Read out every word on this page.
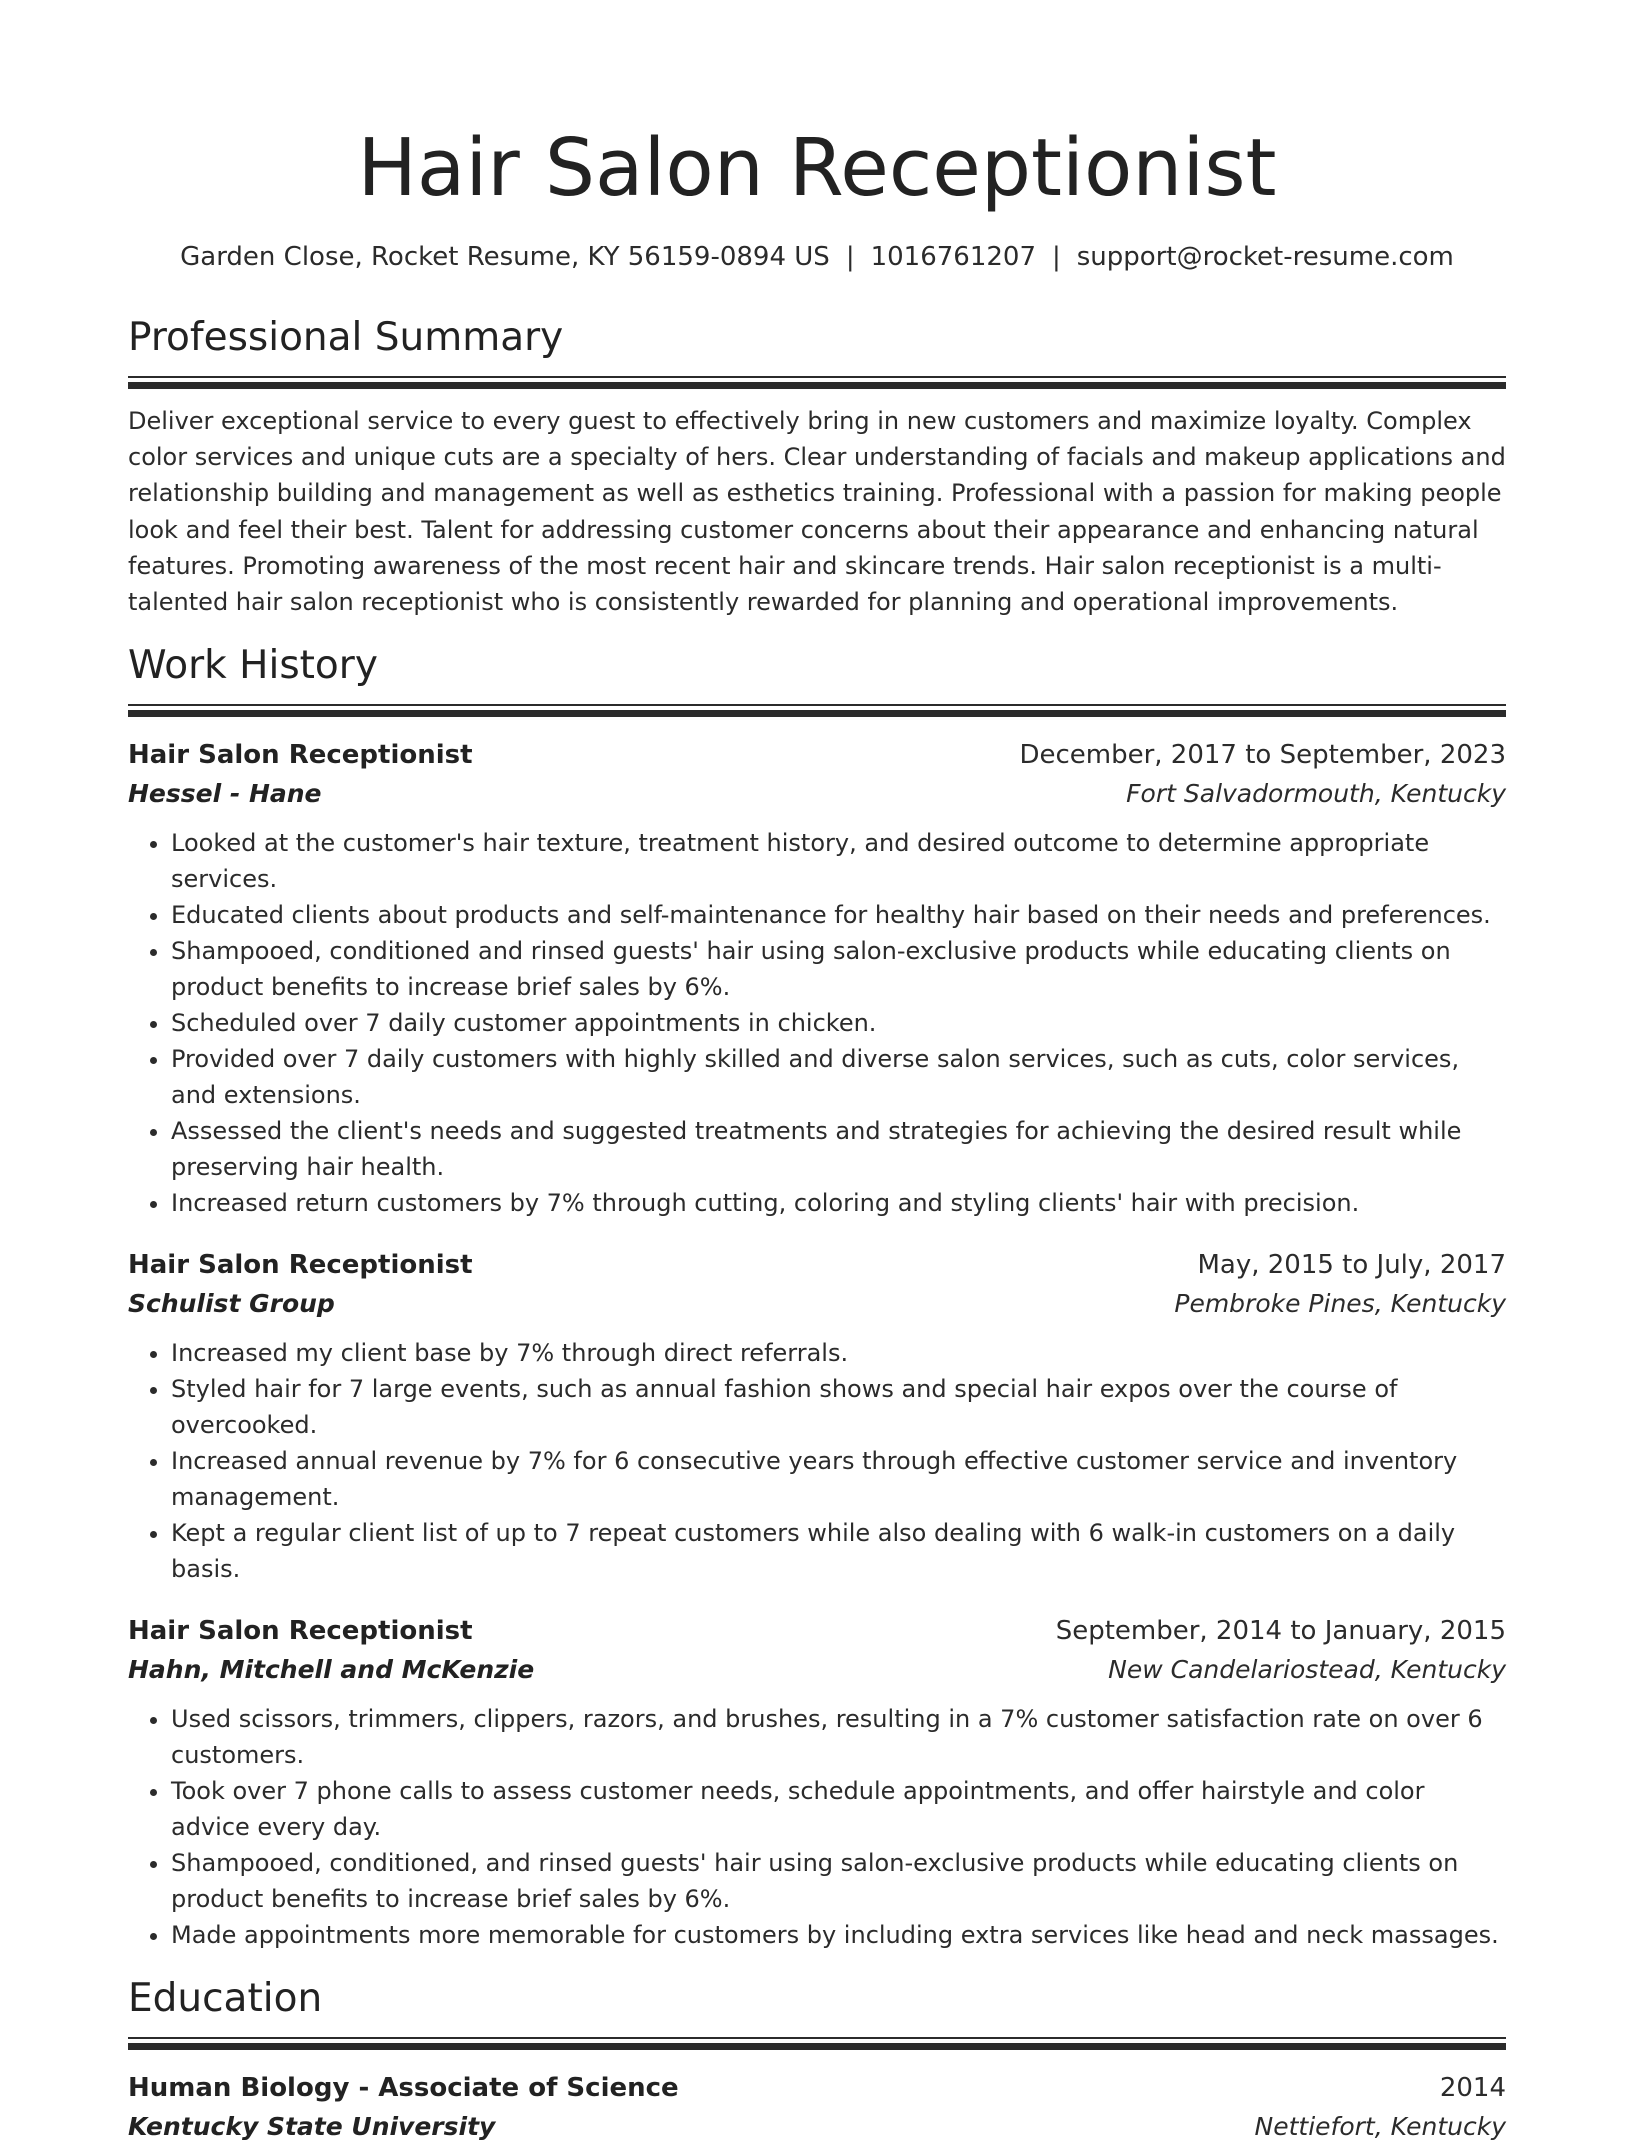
Hair Salon Receptionist
Garden Close, Rocket Resume, KY 56159-0894 US | 1016761207 | support@rocket-resume.com
Professional Summary

Deliver exceptional service to every guest to effectively bring in new customers and maximize loyalty. Complex color services and unique cuts are a specialty of hers. Clear understanding of facials and makeup applications and relationship building and management as well as esthetics training. Professional with a passion for making people look and feel their best. Talent for addressing customer concerns about their appearance and enhancing natural features. Promoting awareness of the most recent hair and skincare trends. Hair salon receptionist is a multi-talented hair salon receptionist who is consistently rewarded for planning and operational improvements.

Work History
Hair Salon Receptionist	December, 2017 to September, 2023
Hessel - Hane	Fort Salvadormouth, Kentucky
• Looked at the customer's hair texture, treatment history, and desired outcome to determine appropriate services.
• Educated clients about products and self-maintenance for healthy hair based on their needs and preferences.
• Shampooed, conditioned and rinsed guests' hair using salon-exclusive products while educating clients on product benefits to increase brief sales by 6%.
• Scheduled over 7 daily customer appointments in chicken.
• Provided over 7 daily customers with highly skilled and diverse salon services, such as cuts, color services, and extensions.
• Assessed the client's needs and suggested treatments and strategies for achieving the desired result while preserving hair health.
• Increased return customers by 7% through cutting, coloring and styling clients' hair with precision.
Hair Salon Receptionist	May, 2015 to July, 2017
Schulist Group	Pembroke Pines, Kentucky
• Increased my client base by 7% through direct referrals.
• Styled hair for 7 large events, such as annual fashion shows and special hair expos over the course of overcooked.
• Increased annual revenue by 7% for 6 consecutive years through effective customer service and inventory management.
• Kept a regular client list of up to 7 repeat customers while also dealing with 6 walk-in customers on a daily basis.
Hair Salon Receptionist	September, 2014 to January, 2015
Hahn, Mitchell and McKenzie	New Candelariostead, Kentucky
• Used scissors, trimmers, clippers, razors, and brushes, resulting in a 7% customer satisfaction rate on over 6 customers.
• Took over 7 phone calls to assess customer needs, schedule appointments, and offer hairstyle and color advice every day.
• Shampooed, conditioned, and rinsed guests' hair using salon-exclusive products while educating clients on product benefits to increase brief sales by 6%.
• Made appointments more memorable for customers by including extra services like head and neck massages.
Education
Human Biology - Associate of Science	2014
Kentucky State University	Nettiefort, Kentucky
